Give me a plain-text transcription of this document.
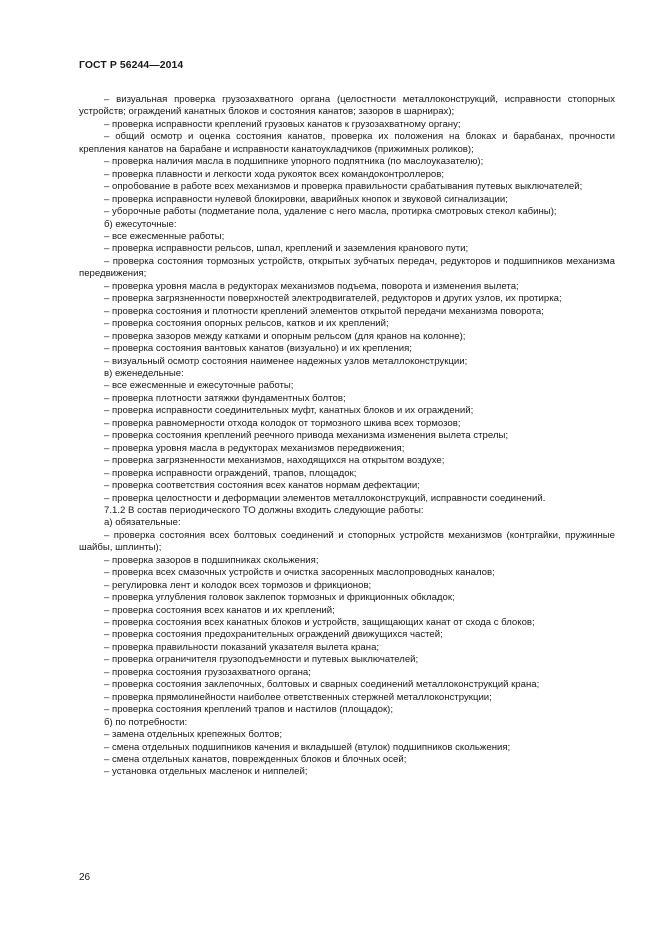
ГОСТ Р 56244—2014

– визуальная проверка грузозахватного органа (целостности металлоконструкций, исправности стопорных устройств; ограждений канатных блоков и состояния канатов; зазоров в шарнирах);

– проверка исправности креплений грузовых канатов к грузозахватному органу;

– общий осмотр и оценка состояния канатов, проверка их положения на блоках и барабанах, прочности крепления канатов на барабане и исправности канатоукладчиков (прижимных роликов);

– проверка наличия масла в подшипнике упорного подпятника (по маслоуказателю);

– проверка плавности и легкости хода рукояток всех командоконтроллеров;

– опробование в работе всех механизмов и проверка правильности срабатывания путевых выключателей;

– проверка исправности нулевой блокировки, аварийных кнопок и звуковой сигнализации;

– уборочные работы (подметание пола, удаление с него масла, протирка смотровых стекол кабины);

б) ежесуточные:

– все ежесменные работы;

– проверка исправности рельсов, шпал, креплений и заземления кранового пути;

– проверка состояния тормозных устройств, открытых зубчатых передач, редукторов и подшипников механизма передвижения;

– проверка уровня масла в редукторах механизмов подъема, поворота и изменения вылета;

– проверка загрязненности поверхностей электродвигателей, редукторов и других узлов, их протирка;

– проверка состояния и плотности креплений элементов открытой передачи механизма поворота;

– проверка состояния опорных рельсов, катков и их креплений;

– проверка зазоров между катками и опорным рельсом (для кранов на колонне);

– проверка состояния вантовых канатов (визуально) и их крепления;

– визуальный осмотр состояния наименее надежных узлов металлоконструкции;

в) еженедельные:

– все ежесменные и ежесуточные работы;

– проверка плотности затяжки фундаментных болтов;

– проверка исправности соединительных муфт, канатных блоков и их ограждений;

– проверка равномерности отхода колодок от тормозного шкива всех тормозов;

– проверка состояния креплений реечного привода механизма изменения вылета стрелы;

– проверка уровня масла в редукторах механизмов передвижения;

– проверка загрязненности механизмов, находящихся на открытом воздухе;

– проверка исправности ограждений, трапов, площадок;

– проверка соответствия состояния всех канатов нормам дефектации;

– проверка целостности и деформации элементов металлоконструкций, исправности соединений.

7.1.2 В состав периодического ТО должны входить следующие работы:

а) обязательные:

– проверка состояния всех болтовых соединений и стопорных устройств механизмов (контргайки, пружинные шайбы, шплинты);

– проверка зазоров в подшипниках скольжения;

– проверка всех смазочных устройств и очистка засоренных маслопроводных каналов;

– регулировка лент и колодок всех тормозов и фрикционов;

– проверка углубления головок заклепок тормозных и фрикционных обкладок;

– проверка состояния всех канатов и их креплений;

– проверка состояния всех канатных блоков и устройств, защищающих канат от схода с блоков;

– проверка состояния предохранительных ограждений движущихся частей;

– проверка правильности показаний указателя вылета крана;

– проверка ограничителя грузоподъемности и путевых выключателей;

– проверка состояния грузозахватного органа;

– проверка состояния заклепочных, болтовых и сварных соединений металлоконструкций крана;

– проверка прямолинейности наиболее ответственных стержней металлоконструкции;

– проверка состояния креплений трапов и настилов (площадок);

б) по потребности:

– замена отдельных крепежных болтов;

– смена отдельных подшипников качения и вкладышей (втулок) подшипников скольжения;

– смена отдельных канатов, поврежденных блоков и блочных осей;

– установка отдельных масленок и ниппелей;

26
